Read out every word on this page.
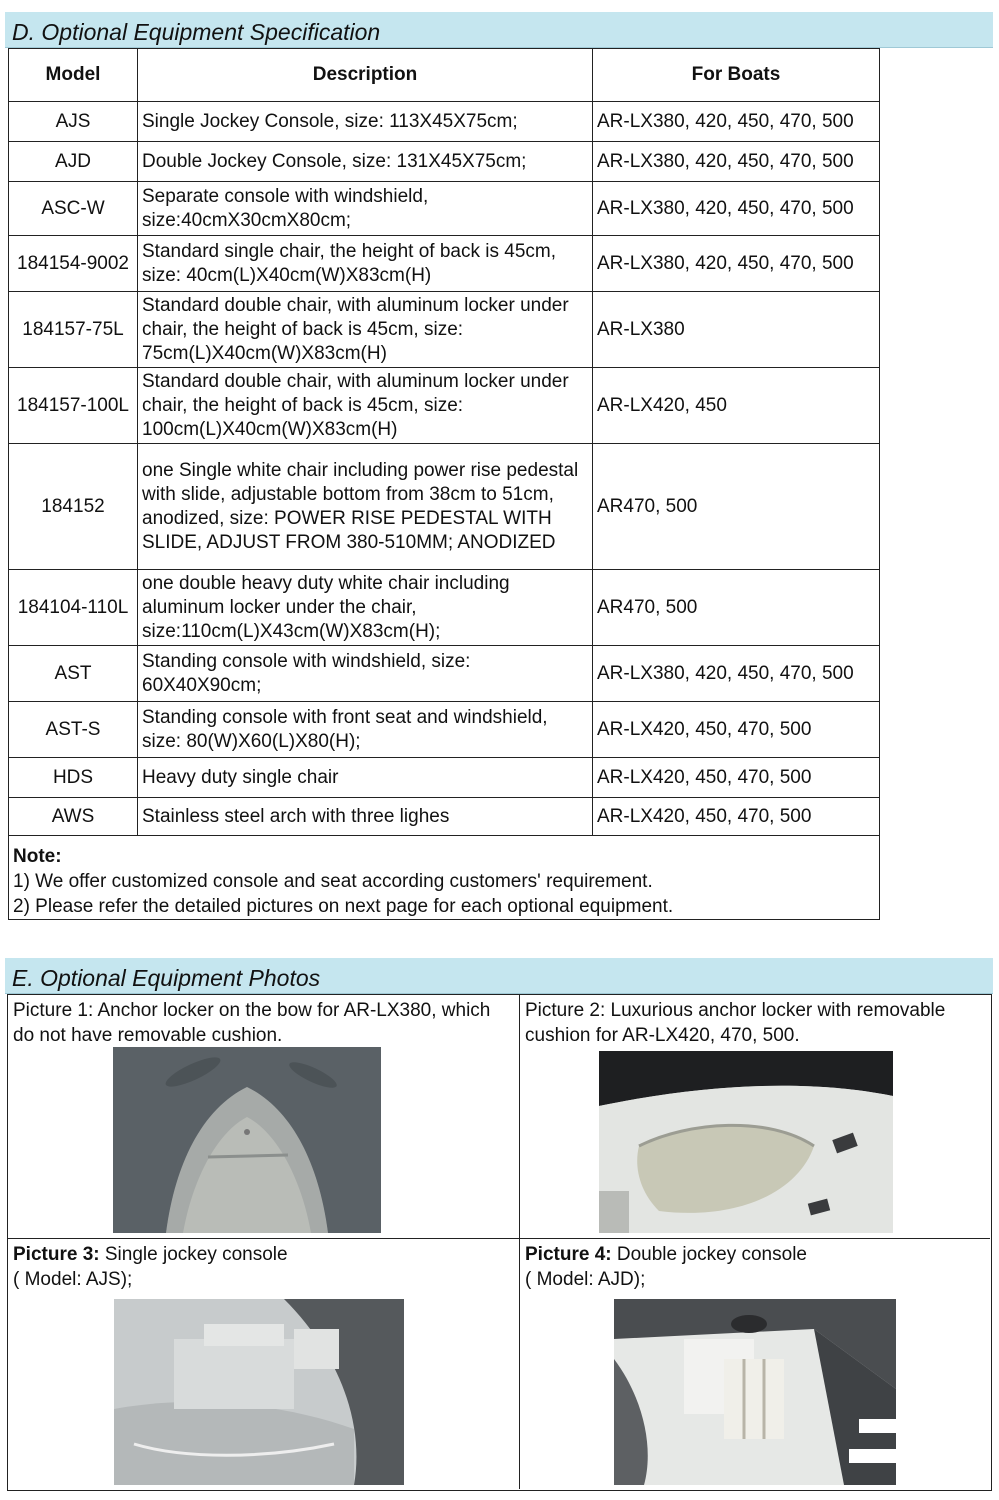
D. Optional Equipment Specification
Model	Description	For Boats
AJS	Single Jockey Console, size: 113X45X75cm;	AR-LX380, 420, 450, 470, 500
AJD	Double Jockey Console, size: 131X45X75cm;	AR-LX380, 420, 450, 470, 500
ASC-W	Separate console with windshield, size:40cmX30cmX80cm;	AR-LX380, 420, 450, 470, 500
184154-9002	Standard single chair, the height of back is 45cm, size: 40cm(L)X40cm(W)X83cm(H)	AR-LX380, 420, 450, 470, 500
184157-75L	Standard double chair, with aluminum locker under chair, the height of back is 45cm, size: 75cm(L)X40cm(W)X83cm(H)	AR-LX380
184157-100L	Standard double chair, with aluminum locker under chair, the height of back is 45cm, size: 100cm(L)X40cm(W)X83cm(H)	AR-LX420, 450
184152	one Single white chair including power rise pedestal with slide, adjustable bottom from 38cm to 51cm, anodized, size: POWER RISE PEDESTAL WITH SLIDE, ADJUST FROM 380-510MM; ANODIZED	AR470, 500
184104-110L	one double heavy duty white chair including aluminum locker under the chair, size:110cm(L)X43cm(W)X83cm(H);	AR470, 500
AST	Standing console with windshield, size: 60X40X90cm;	AR-LX380, 420, 450, 470, 500
AST-S	Standing console with front seat and windshield, size: 80(W)X60(L)X80(H);	AR-LX420, 450, 470, 500
HDS	Heavy duty single chair	AR-LX420, 450, 470, 500
AWS	Stainless steel arch with three lighes	AR-LX420, 450, 470, 500

Note:
1) We offer customized console and seat according customers' requirement.
2) Please refer the detailed pictures on next page for each optional equipment.		
E. Optional Equipment Photos
Picture 1: Anchor locker on the bow for AR-LX380, which do not have removable cushion.
Picture 2: Luxurious anchor locker with removable cushion for AR-LX420, 470, 500.
Picture 3: Single jockey console
( Model: AJS);
Picture 4: Double jockey console
( Model: AJD);
